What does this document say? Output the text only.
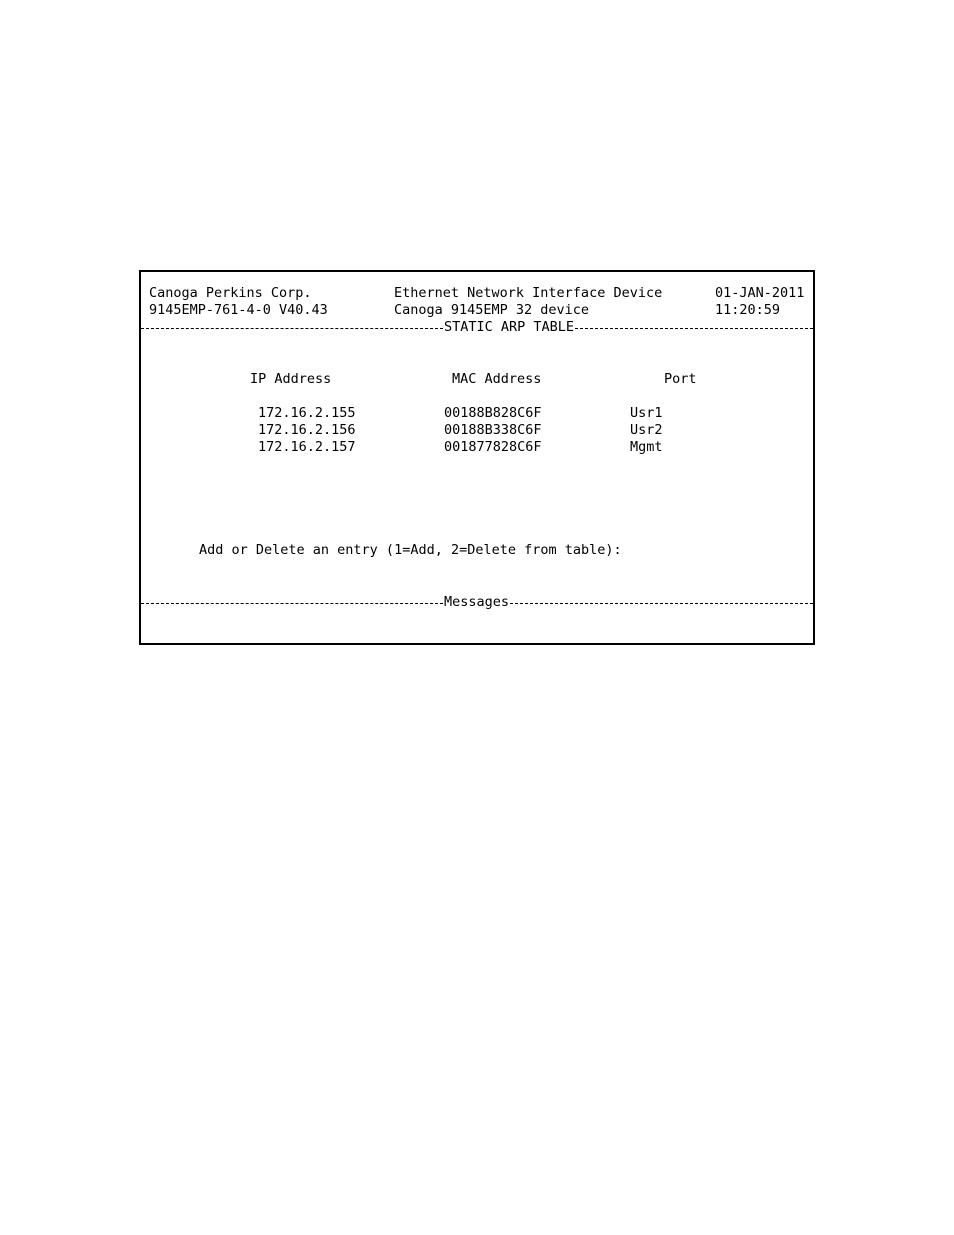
Canoga Perkins Corp.	Ethernet Network Interface Device	01-JAN-2011
9145EMP-761-4-0 V40.43	Canoga 9145EMP 32 device	11:20:59
STATIC ARP TABLE
IP Address	MAC Address	Port
172.16.2.155	00188B828C6F	Usr1
172.16.2.156	00188B338C6F	Usr2
172.16.2.157	001877828C6F	Mgmt
Add or Delete an entry (1=Add, 2=Delete from table):
Messages
